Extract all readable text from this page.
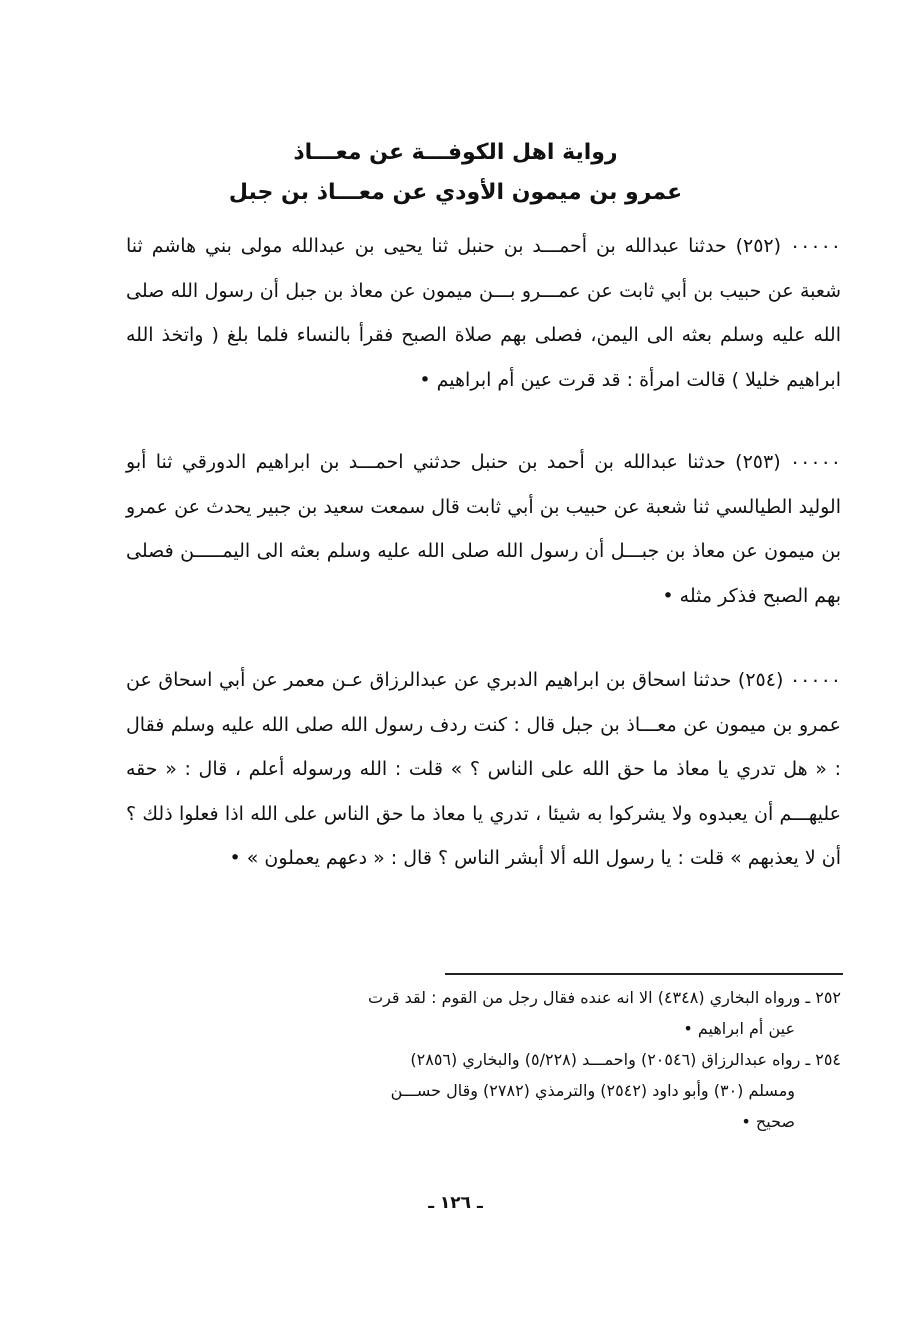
رواية اهل الكوفـــة عن معـــاذ
عمرو بن ميمون الأودي عن معـــاذ بن جبل

٠٠٠٠٠ (٢٥٢) حدثنا عبدالله بن أحمـــد بن حنبل ثنا يحيى بن عبدالله مولى بني هاشم ثنا شعبة عن حبيب بن أبي ثابت عن عمـــرو بـــن ميمون عن معاذ بن جبل أن رسول الله صلى الله عليه وسلم بعثه الى اليمن، فصلى بهم صلاة الصبح فقرأ بالنساء فلما بلغ ( واتخذ الله ابراهيم خليلا ) قالت امرأة : قد قرت عين أم ابراهيم •

٠٠٠٠٠ (٢٥٣) حدثنا عبدالله بن أحمد بن حنبل حدثني احمـــد بن ابراهيم الدورقي ثنا أبو الوليد الطيالسي ثنا شعبة عن حبيب بن أبي ثابت قال سمعت سعيد بن جبير يحدث عن عمرو بن ميمون عن معاذ بن جبـــل أن رسول الله صلى الله عليه وسلم بعثه الى اليمـــــن فصلى بهم الصبح فذكر مثله •

٠٠٠٠٠ (٢٥٤) حدثنا اسحاق بن ابراهيم الدبري عن عبدالرزاق عـن معمر عن أبي اسحاق عن عمرو بن ميمون عن معـــاذ بن جبل قال : كنت ردف رسول الله صلى الله عليه وسلم فقال : « هل تدري يا معاذ ما حق الله على الناس ؟ » قلت : الله ورسوله أعلم ، قال : « حقه عليهـــم أن يعبدوه ولا يشركوا به شيئا ، تدري يا معاذ ما حق الناس على الله اذا فعلوا ذلك ؟ أن لا يعذبهم » قلت : يا رسول الله ألا أبشر الناس ؟ قال : « دعهم يعملون » •

٢٥٢ ـ ورواه البخاري (٤٣٤٨) الا انه عنده فقال رجل من القوم : لقد قرت

عين أم ابراهيم •

٢٥٤ ـ رواه عبدالرزاق (٢٠٥٤٦) واحمـــد (٥/٢٢٨) والبخاري (٢٨٥٦)

ومسلم (٣٠) وأبو داود (٢٥٤٢) والترمذي (٢٧٨٢) وقال حســـن

صحيح •

ـ ١٢٦ ـ
